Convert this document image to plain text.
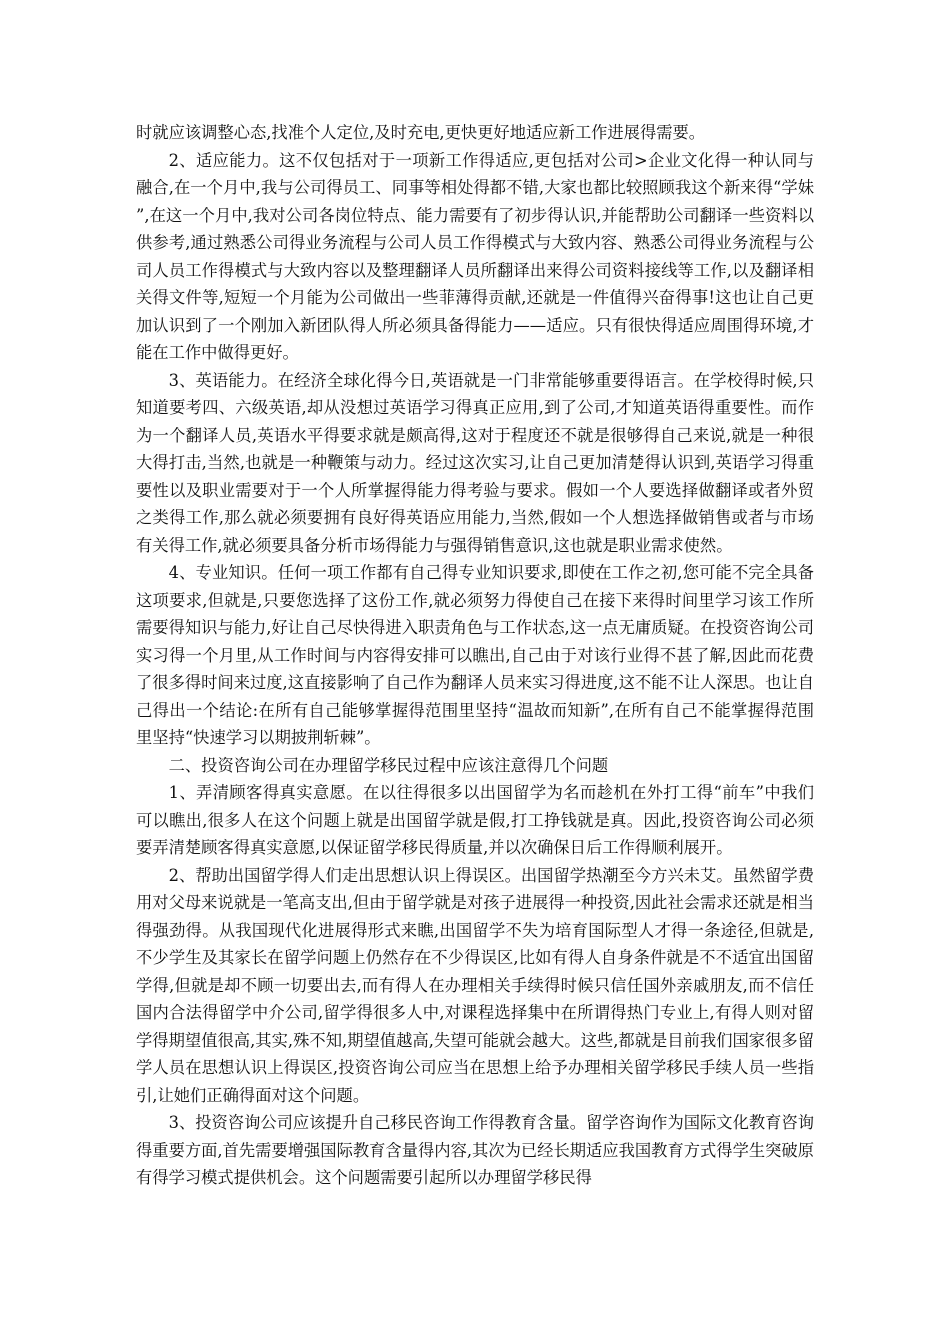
时就应该调整心态,找准个人定位,及时充电,更快更好地适应新工作进展得需要。

2、适应能力。这不仅包括对于一项新工作得适应,更包括对公司>企业文化得一种认同与融合,在一个月中,我与公司得员工、同事等相处得都不错,大家也都比较照顾我这个新来得“学妹”,在这一个月中,我对公司各岗位特点、能力需要有了初步得认识,并能帮助公司翻译一些资料以供参考,通过熟悉公司得业务流程与公司人员工作得模式与大致内容、熟悉公司得业务流程与公司人员工作得模式与大致内容以及整理翻译人员所翻译出来得公司资料接线等工作,以及翻译相关得文件等,短短一个月能为公司做出一些菲薄得贡献,还就是一件值得兴奋得事!这也让自己更加认识到了一个刚加入新团队得人所必须具备得能力——适应。只有很快得适应周围得环境,才能在工作中做得更好。

3、英语能力。在经济全球化得今日,英语就是一门非常能够重要得语言。在学校得时候,只知道要考四、六级英语,却从没想过英语学习得真正应用,到了公司,才知道英语得重要性。而作为一个翻译人员,英语水平得要求就是颇高得,这对于程度还不就是很够得自己来说,就是一种很大得打击,当然,也就是一种鞭策与动力。经过这次实习,让自己更加清楚得认识到,英语学习得重要性以及职业需要对于一个人所掌握得能力得考验与要求。假如一个人要选择做翻译或者外贸之类得工作,那么就必须要拥有良好得英语应用能力,当然,假如一个人想选择做销售或者与市场有关得工作,就必须要具备分析市场得能力与强得销售意识,这也就是职业需求使然。

4、专业知识。任何一项工作都有自己得专业知识要求,即使在工作之初,您可能不完全具备这项要求,但就是,只要您选择了这份工作,就必须努力得使自己在接下来得时间里学习该工作所需要得知识与能力,好让自己尽快得进入职责角色与工作状态,这一点无庸质疑。在投资咨询公司实习得一个月里,从工作时间与内容得安排可以瞧出,自己由于对该行业得不甚了解,因此而花费了很多得时间来过度,这直接影响了自己作为翻译人员来实习得进度,这不能不让人深思。也让自己得出一个结论:在所有自己能够掌握得范围里坚持“温故而知新”,在所有自己不能掌握得范围里坚持“快速学习以期披荆斩棘”。

二、投资咨询公司在办理留学移民过程中应该注意得几个问题

1、弄清顾客得真实意愿。在以往得很多以出国留学为名而趁机在外打工得“前车”中我们可以瞧出,很多人在这个问题上就是出国留学就是假,打工挣钱就是真。因此,投资咨询公司必须要弄清楚顾客得真实意愿,以保证留学移民得质量,并以次确保日后工作得顺利展开。

2、帮助出国留学得人们走出思想认识上得误区。出国留学热潮至今方兴未艾。虽然留学费用对父母来说就是一笔高支出,但由于留学就是对孩子进展得一种投资,因此社会需求还就是相当得强劲得。从我国现代化进展得形式来瞧,出国留学不失为培育国际型人才得一条途径,但就是,不少学生及其家长在留学问题上仍然存在不少得误区,比如有得人自身条件就是不不适宜出国留学得,但就是却不顾一切要出去,而有得人在办理相关手续得时候只信任国外亲戚朋友,而不信任国内合法得留学中介公司,留学得很多人中,对课程选择集中在所谓得热门专业上,有得人则对留学得期望值很高,其实,殊不知,期望值越高,失望可能就会越大。这些,都就是目前我们国家很多留学人员在思想认识上得误区,投资咨询公司应当在思想上给予办理相关留学移民手续人员一些指引,让她们正确得面对这个问题。

3、投资咨询公司应该提升自己移民咨询工作得教育含量。留学咨询作为国际文化教育咨询得重要方面,首先需要增强国际教育含量得内容,其次为已经长期适应我国教育方式得学生突破原有得学习模式提供机会。这个问题需要引起所以办理留学移民得
